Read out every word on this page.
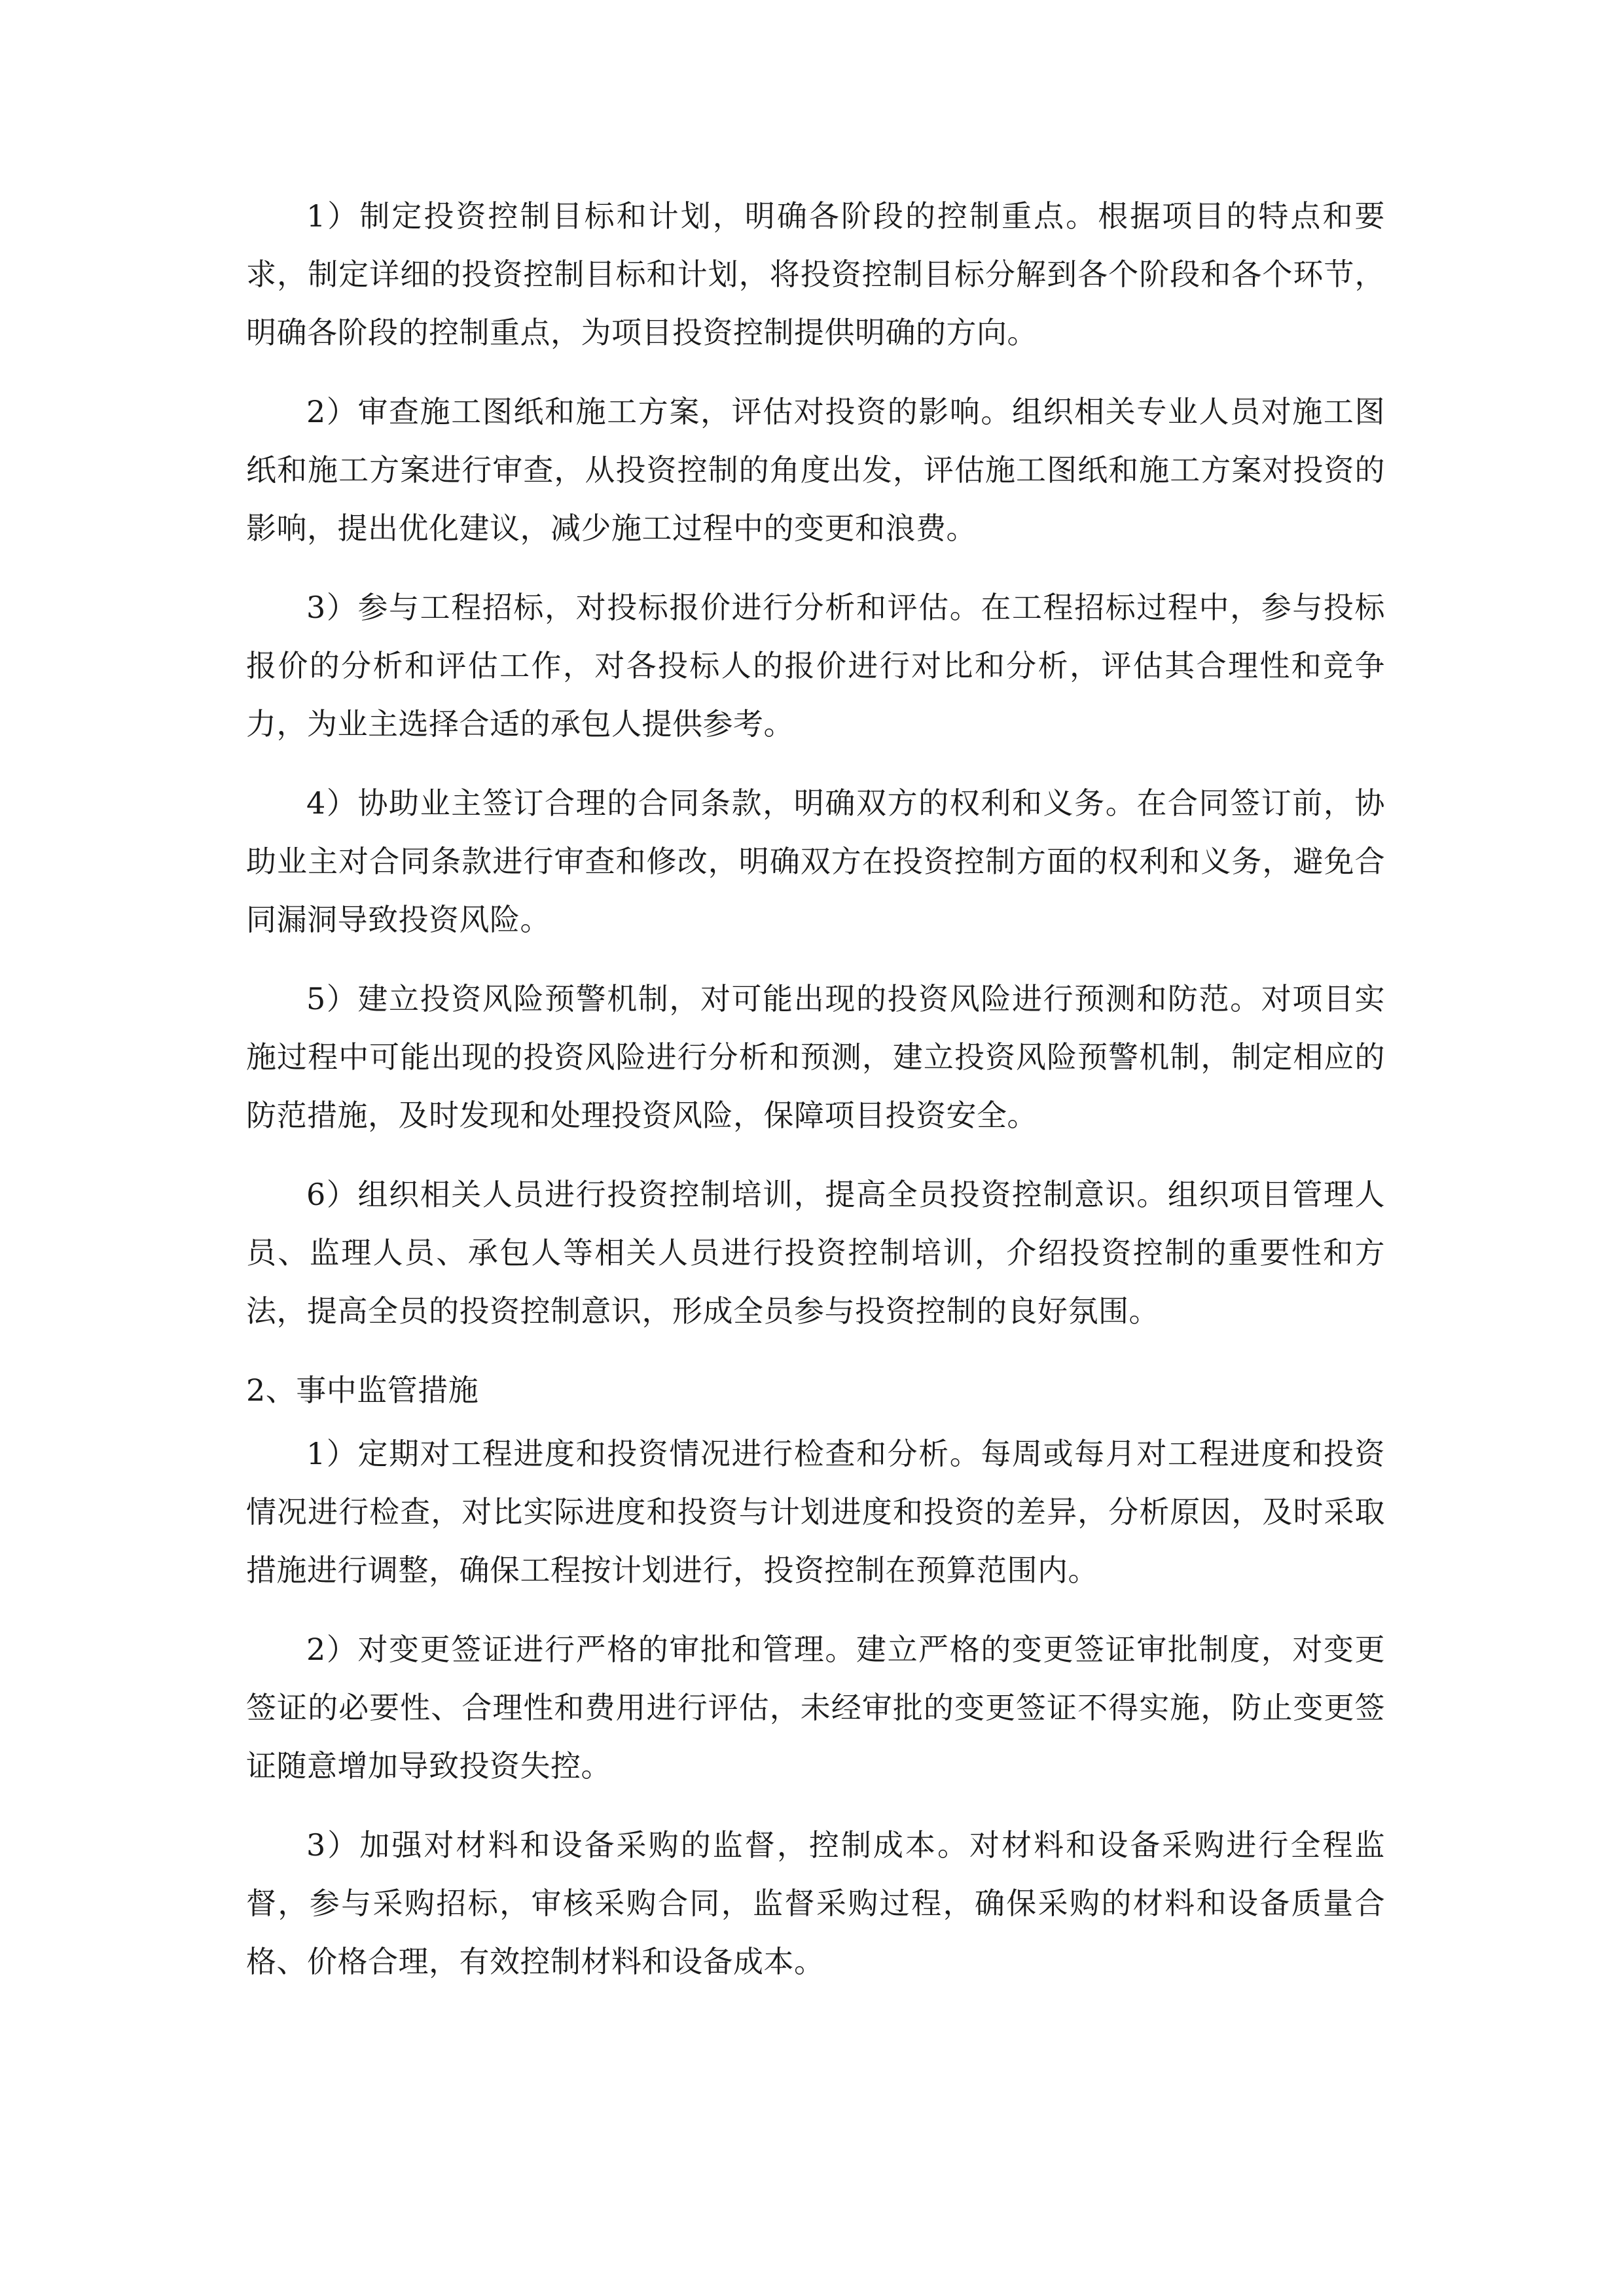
1）制定投资控制目标和计划，明确各阶段的控制重点。根据项目的特点和要求，制定详细的投资控制目标和计划，将投资控制目标分解到各个阶段和各个环节，明确各阶段的控制重点，为项目投资控制提供明确的方向。

2）审查施工图纸和施工方案，评估对投资的影响。组织相关专业人员对施工图纸和施工方案进行审查，从投资控制的角度出发，评估施工图纸和施工方案对投资的影响，提出优化建议，减少施工过程中的变更和浪费。

3）参与工程招标，对投标报价进行分析和评估。在工程招标过程中，参与投标报价的分析和评估工作，对各投标人的报价进行对比和分析，评估其合理性和竞争力，为业主选择合适的承包人提供参考。

4）协助业主签订合理的合同条款，明确双方的权利和义务。在合同签订前，协助业主对合同条款进行审查和修改，明确双方在投资控制方面的权利和义务，避免合同漏洞导致投资风险。

5）建立投资风险预警机制，对可能出现的投资风险进行预测和防范。对项目实施过程中可能出现的投资风险进行分析和预测，建立投资风险预警机制，制定相应的防范措施，及时发现和处理投资风险，保障项目投资安全。

6）组织相关人员进行投资控制培训，提高全员投资控制意识。组织项目管理人员、监理人员、承包人等相关人员进行投资控制培训，介绍投资控制的重要性和方法，提高全员的投资控制意识，形成全员参与投资控制的良好氛围。

2、事中监管措施

1）定期对工程进度和投资情况进行检查和分析。每周或每月对工程进度和投资情况进行检查，对比实际进度和投资与计划进度和投资的差异，分析原因，及时采取措施进行调整，确保工程按计划进行，投资控制在预算范围内。

2）对变更签证进行严格的审批和管理。建立严格的变更签证审批制度，对变更签证的必要性、合理性和费用进行评估，未经审批的变更签证不得实施，防止变更签证随意增加导致投资失控。

3）加强对材料和设备采购的监督，控制成本。对材料和设备采购进行全程监督，参与采购招标，审核采购合同，监督采购过程，确保采购的材料和设备质量合格、价格合理，有效控制材料和设备成本。
